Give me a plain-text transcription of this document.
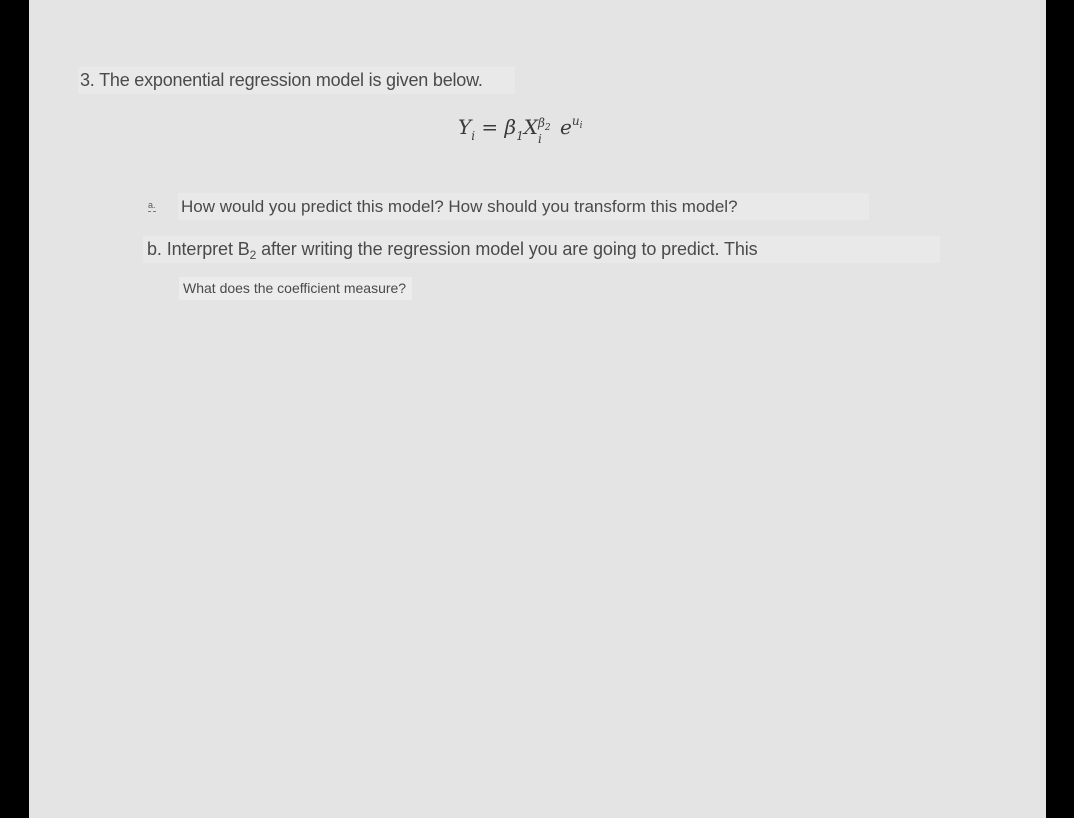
3. The exponential regression model is given below.
$Y_i = \beta_1X$ $\beta_2$
i $e^{u_i}$
a. How would you predict this model? How should you transform this model?
b. Interpret $B_2$ after writing the regression model you are going to predict. This
What does the coefficient measure?
